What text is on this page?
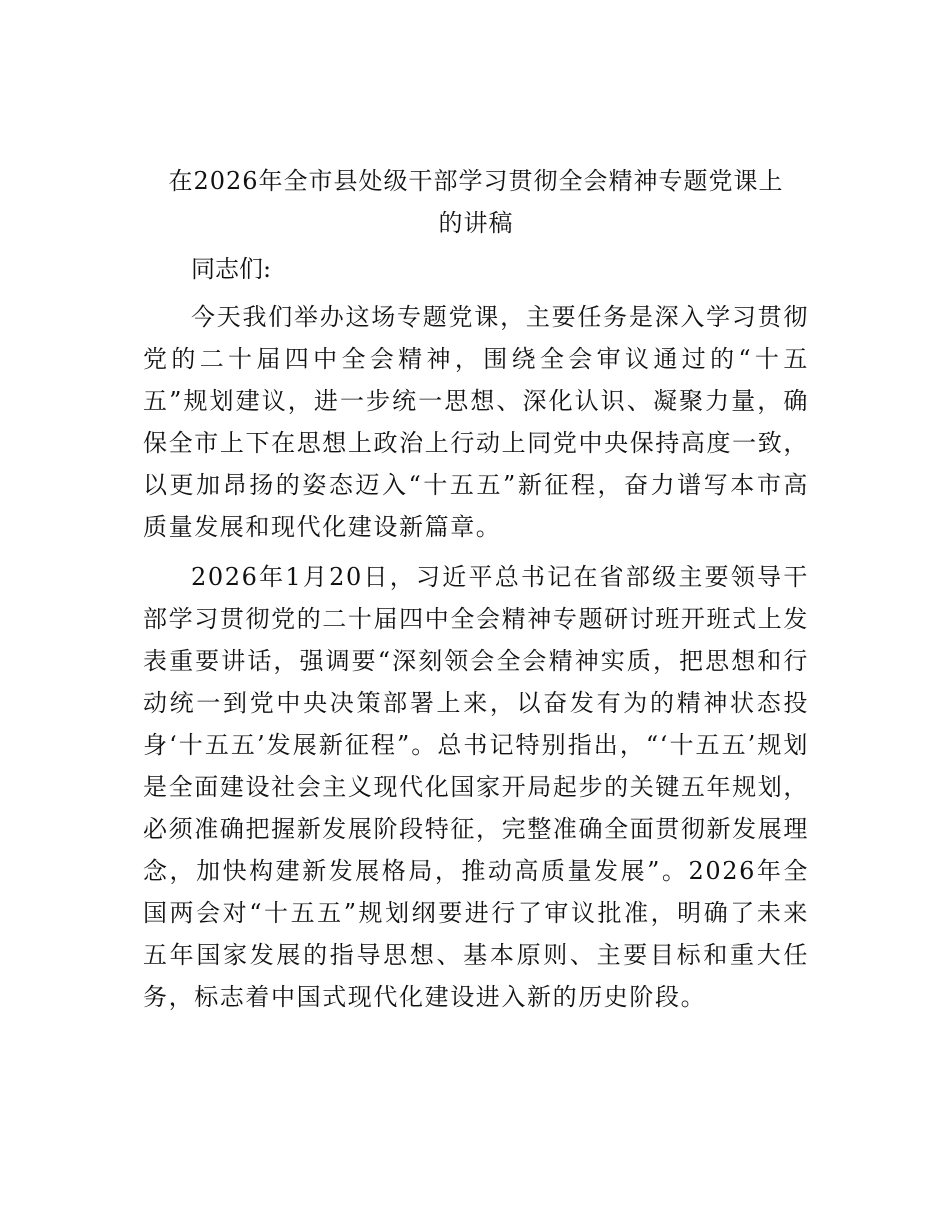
在2026年全市县处级干部学习贯彻全会精神专题党课上的讲稿

同志们:

今天我们举办这场专题党课，主要任务是深入学习贯彻党的二十届四中全会精神，围绕全会审议通过的“十五五”规划建议，进一步统一思想、深化认识、凝聚力量，确保全市上下在思想上政治上行动上同党中央保持高度一致，以更加昂扬的姿态迈入“十五五”新征程，奋力谱写本市高质量发展和现代化建设新篇章。

2026年1月20日，习近平总书记在省部级主要领导干部学习贯彻党的二十届四中全会精神专题研讨班开班式上发表重要讲话，强调要“深刻领会全会精神实质，把思想和行动统一到党中央决策部署上来，以奋发有为的精神状态投身‘十五五’发展新征程”。总书记特别指出，“‘十五五’规划是全面建设社会主义现代化国家开局起步的关键五年规划，必须准确把握新发展阶段特征，完整准确全面贯彻新发展理念，加快构建新发展格局，推动高质量发展”。2026年全国两会对“十五五”规划纲要进行了审议批准，明确了未来五年国家发展的指导思想、基本原则、主要目标和重大任务，标志着中国式现代化建设进入新的历史阶段。
